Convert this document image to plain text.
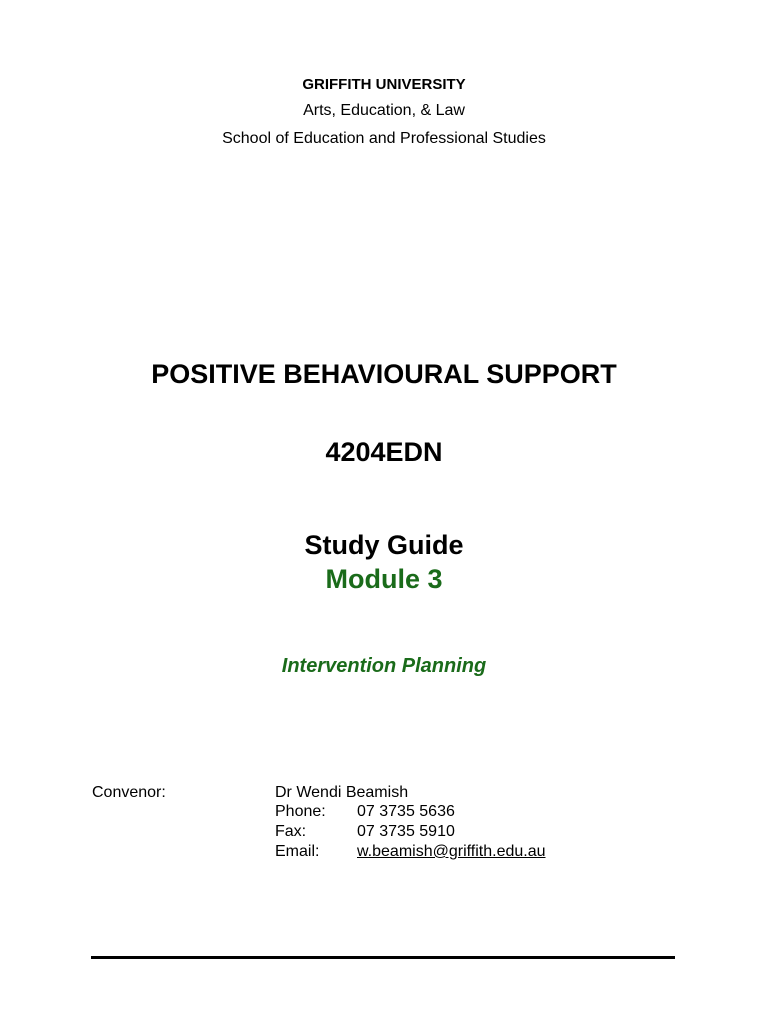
GRIFFITH UNIVERSITY
Arts, Education, & Law
School of Education and Professional Studies
POSITIVE BEHAVIOURAL SUPPORT
4204EDN
Study Guide
Module 3
Intervention Planning
Convenor:	Dr Wendi Beamish
Phone: 07 3735 5636
Fax:	07 3735 5910
Email: w.beamish@griffith.edu.au
